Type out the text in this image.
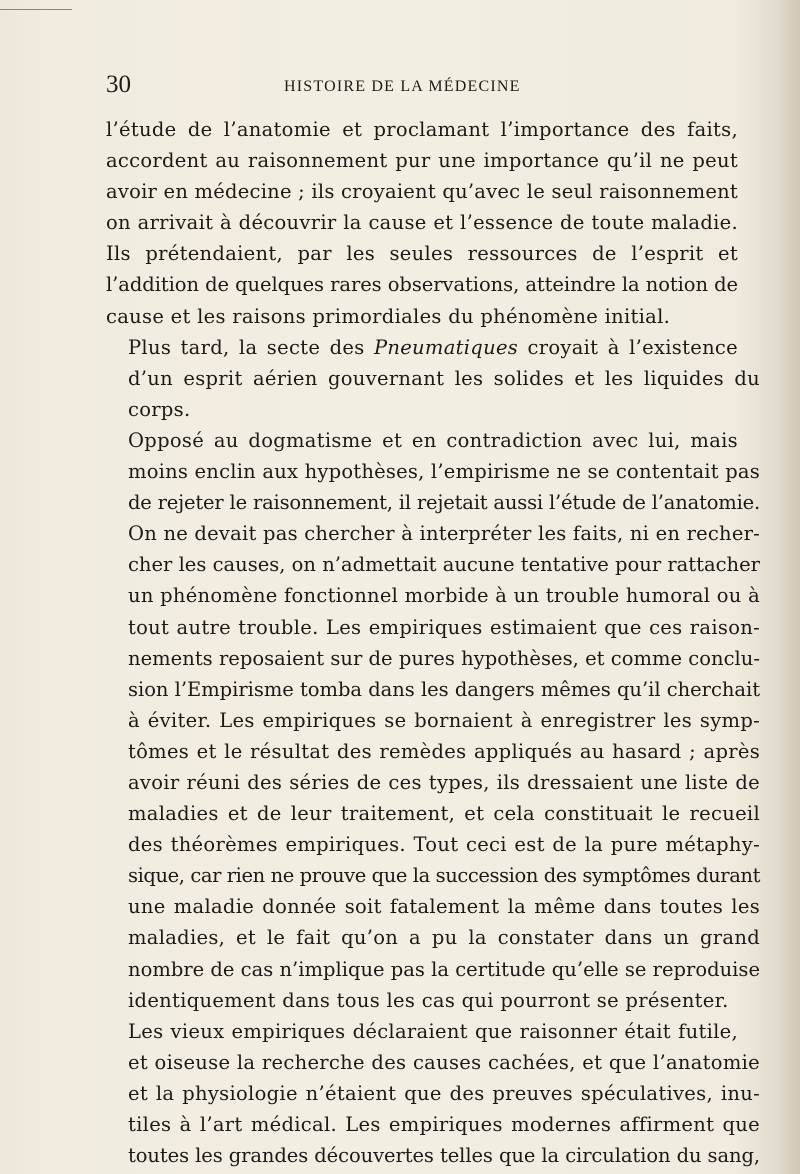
30	HISTOIRE DE LA MÉDECINE

l’étude de l’anatomie et proclamant l’importance des faits,
accordent au raisonnement pur une importance qu’il ne peut
avoir en médecine ; ils croyaient qu’avec le seul raisonnement
on arrivait à découvrir la cause et l’essence de toute maladie.
Ils prétendaient, par les seules ressources de l’esprit et
l’addition de quelques rares observations, atteindre la notion de
cause et les raisons primordiales du phénomène initial.

Plus tard, la secte des Pneumatiques croyait à l’existence
d’un esprit aérien gouvernant les solides et les liquides du
corps.

Opposé au dogmatisme et en contradiction avec lui, mais
moins enclin aux hypothèses, l’empirisme ne se contentait pas
de rejeter le raisonnement, il rejetait aussi l’étude de l’anatomie.
On ne devait pas chercher à interpréter les faits, ni en recher-
cher les causes, on n’admettait aucune tentative pour rattacher
un phénomène fonctionnel morbide à un trouble humoral ou à
tout autre trouble. Les empiriques estimaient que ces raison-
nements reposaient sur de pures hypothèses, et comme conclu-
sion l’Empirisme tomba dans les dangers mêmes qu’il cherchait
à éviter. Les empiriques se bornaient à enregistrer les symp-
tômes et le résultat des remèdes appliqués au hasard ; après
avoir réuni des séries de ces types, ils dressaient une liste de
maladies et de leur traitement, et cela constituait le recueil
des théorèmes empiriques. Tout ceci est de la pure métaphy-
sique, car rien ne prouve que la succession des symptômes durant
une maladie donnée soit fatalement la même dans toutes les
maladies, et le fait qu’on a pu la constater dans un grand
nombre de cas n’implique pas la certitude qu’elle se reproduise
identiquement dans tous les cas qui pourront se présenter.

Les vieux empiriques déclaraient que raisonner était futile,
et oiseuse la recherche des causes cachées, et que l’anatomie
et la physiologie n’étaient que des preuves spéculatives, inu-
tiles à l’art médical. Les empiriques modernes affirment que
toutes les grandes découvertes telles que la circulation du sang,
